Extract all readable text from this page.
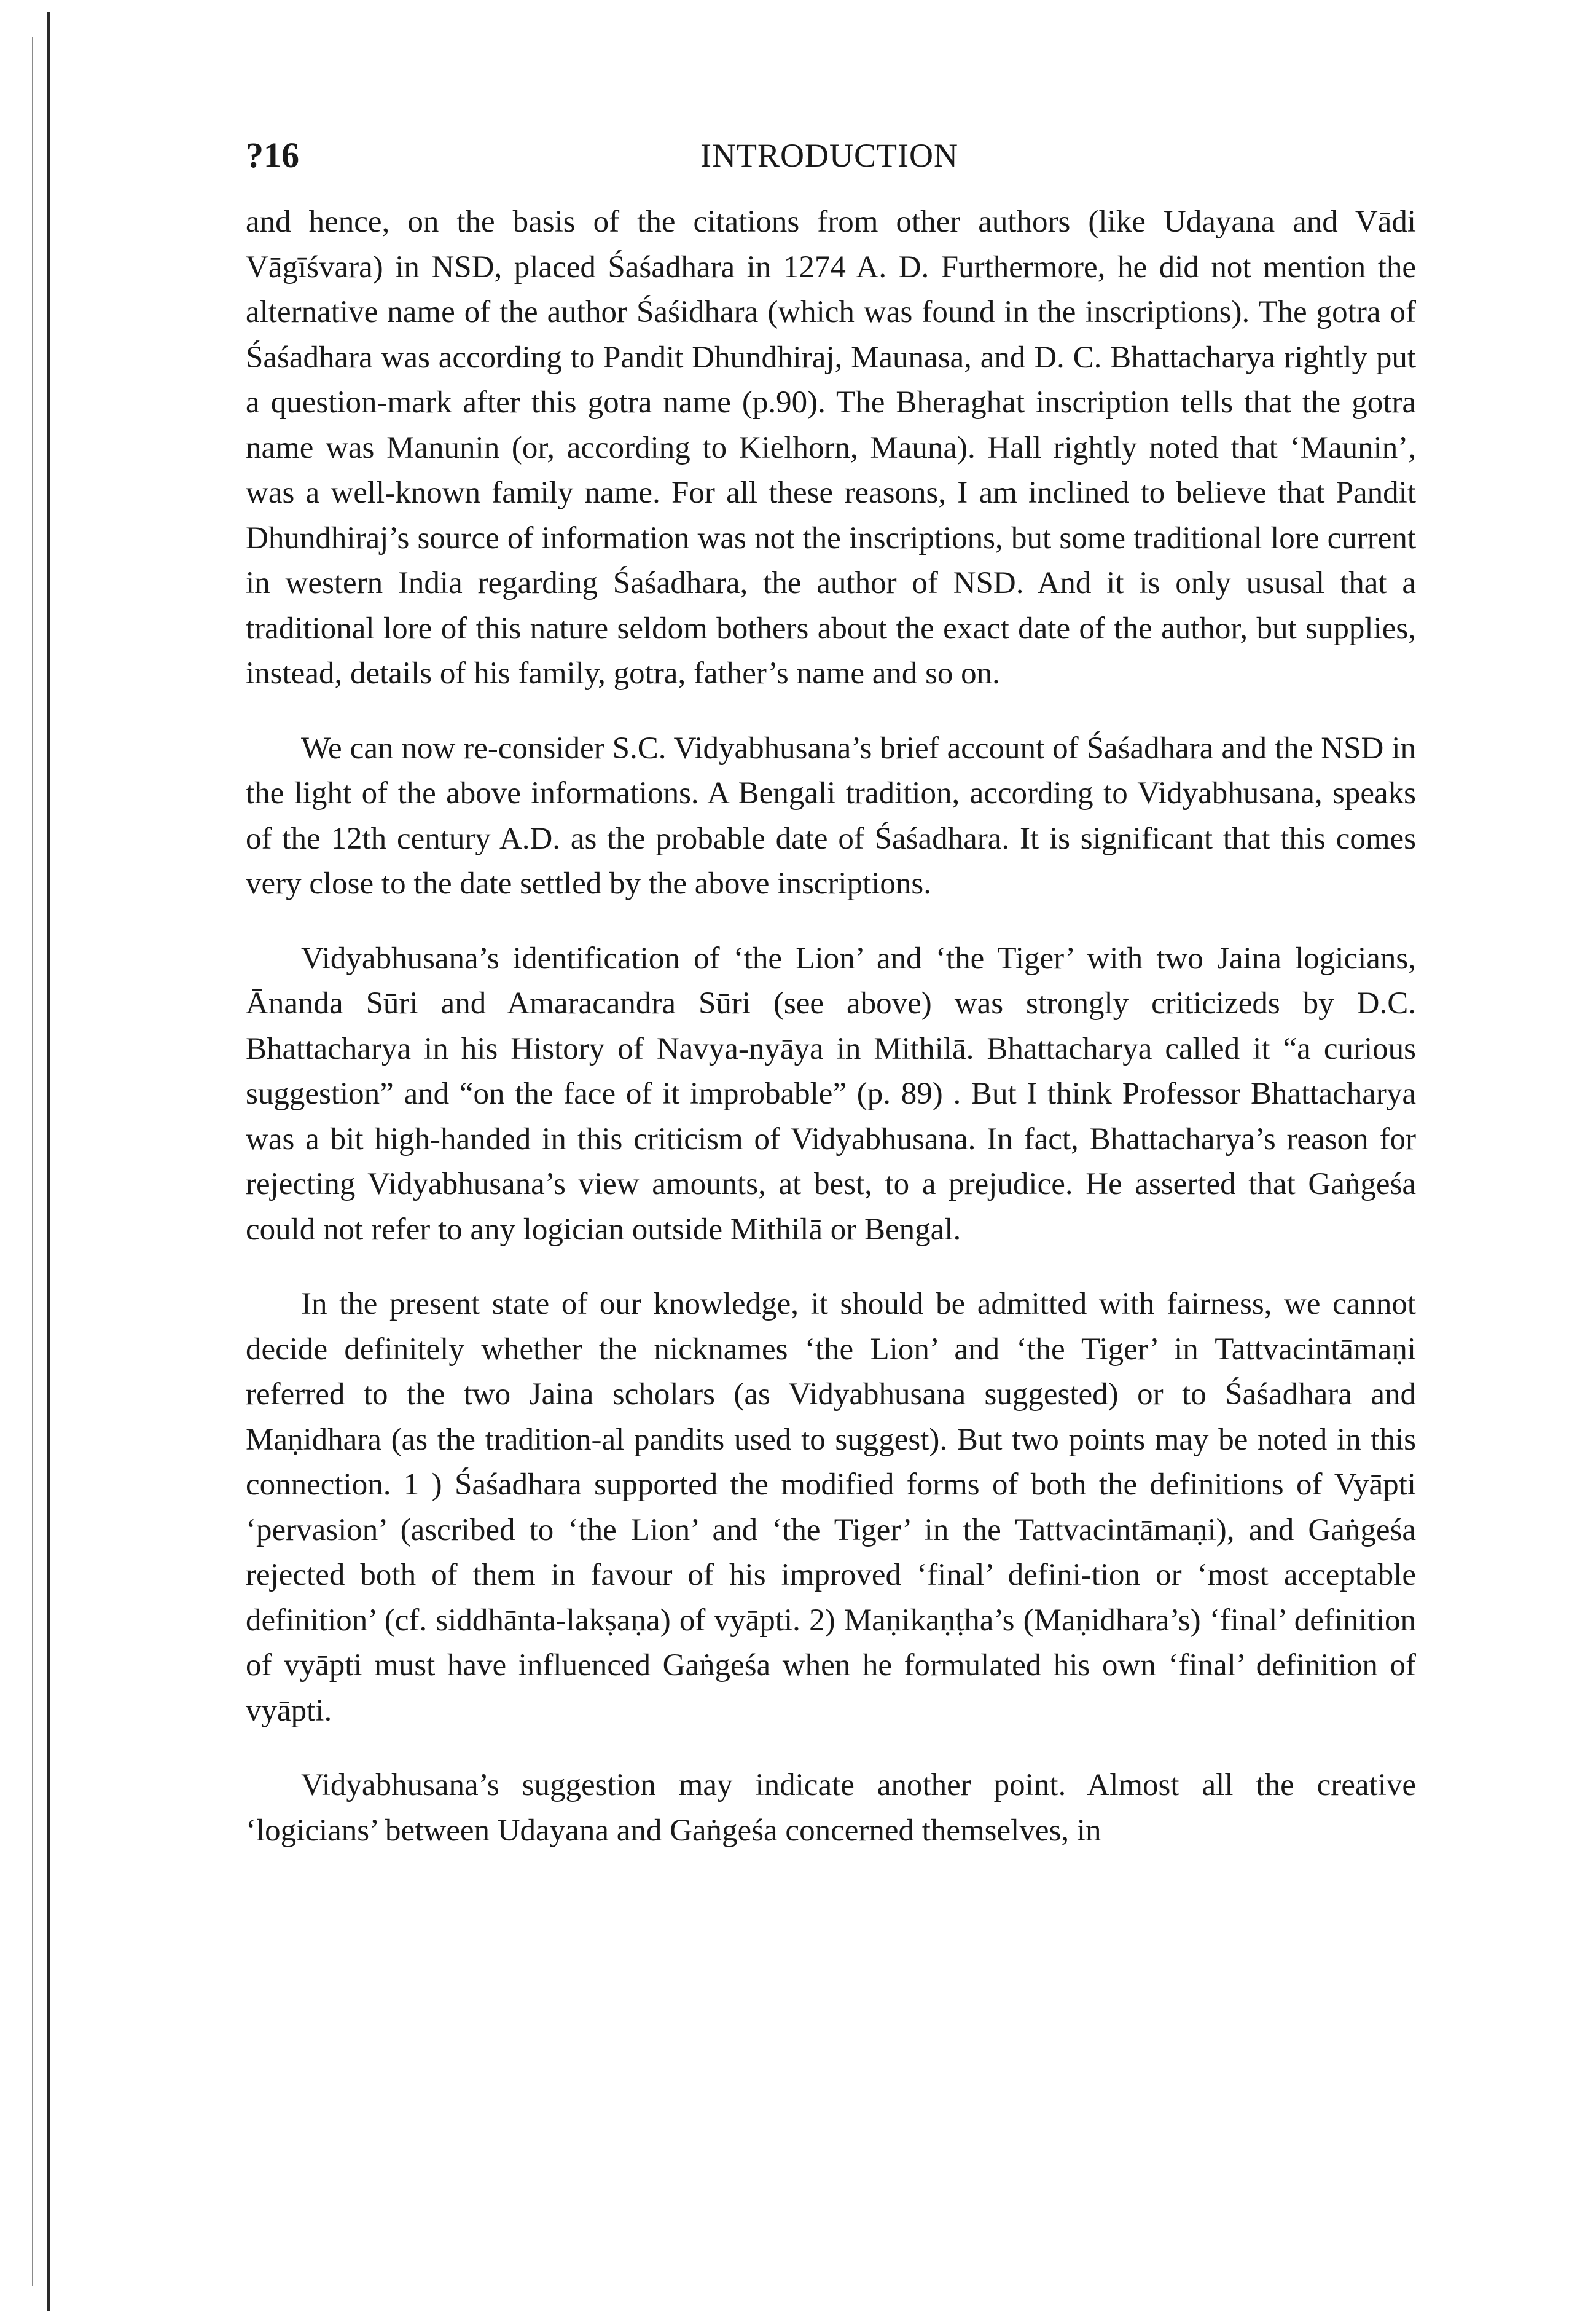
?16	INTRODUCTION

and hence, on the basis of the citations from other authors (like Udayana and Vādi Vāgīśvara) in NSD, placed Śaśadhara in 1274 A. D. Furthermore, he did not mention the alternative name of the author Śaśidhara (which was found in the inscriptions). The gotra of Śaśadhara was according to Pandit Dhundhiraj, Maunasa, and D. C. Bhattacharya rightly put a question-mark after this gotra name (p.90). The Bheraghat inscription tells that the gotra name was Manunin (or, according to Kielhorn, Mauna). Hall rightly noted that ‘Maunin’, was a well-known family name. For all these reasons, I am inclined to believe that Pandit Dhundhiraj’s source of information was not the inscriptions, but some traditional lore current in western India regarding Śaśadhara, the author of NSD. And it is only ususal that a traditional lore of this nature seldom bothers about the exact date of the author, but supplies, instead, details of his family, gotra, father’s name and so on.

We can now re-consider S.C. Vidyabhusana’s brief account of Śaśadhara and the NSD in the light of the above informations. A Bengali tradition, according to Vidyabhusana, speaks of the 12th century A.D. as the probable date of Śaśadhara. It is significant that this comes very close to the date settled by the above inscriptions.

Vidyabhusana’s identification of ‘the Lion’ and ‘the Tiger’ with two Jaina logicians, Ānanda Sūri and Amaracandra Sūri (see above) was strongly criticizeds by D.C. Bhattacharya in his History of Navya-nyāya in Mithilā. Bhattacharya called it “a curious suggestion” and “on the face of it improbable” (p. 89) . But I think Professor Bhattacharya was a bit high-handed in this criticism of Vidyabhusana. In fact, Bhattacharya’s reason for rejecting Vidyabhusana’s view amounts, at best, to a prejudice. He asserted that Gaṅgeśa could not refer to any logician outside Mithilā or Bengal.

In the present state of our knowledge, it should be admitted with fairness, we cannot decide definitely whether the nicknames ‘the Lion’ and ‘the Tiger’ in Tattvacintāmaṇi referred to the two Jaina scholars (as Vidyabhusana suggested) or to Śaśadhara and Maṇidhara (as the tradition-al pandits used to suggest). But two points may be noted in this connection. 1 ) Śaśadhara supported the modified forms of both the definitions of Vyāpti ‘pervasion’ (ascribed to ‘the Lion’ and ‘the Tiger’ in the Tattvacintāmaṇi), and Gaṅgeśa rejected both of them in favour of his improved ‘final’ defini-tion or ‘most acceptable definition’ (cf. siddhānta-lakṣaṇa) of vyāpti. 2) Maṇikaṇṭha’s (Maṇidhara’s) ‘final’ definition of vyāpti must have influenced Gaṅgeśa when he formulated his own ‘final’ definition of vyāpti.

Vidyabhusana’s suggestion may indicate another point. Almost all the creative ‘logicians’ between Udayana and Gaṅgeśa concerned themselves, in
